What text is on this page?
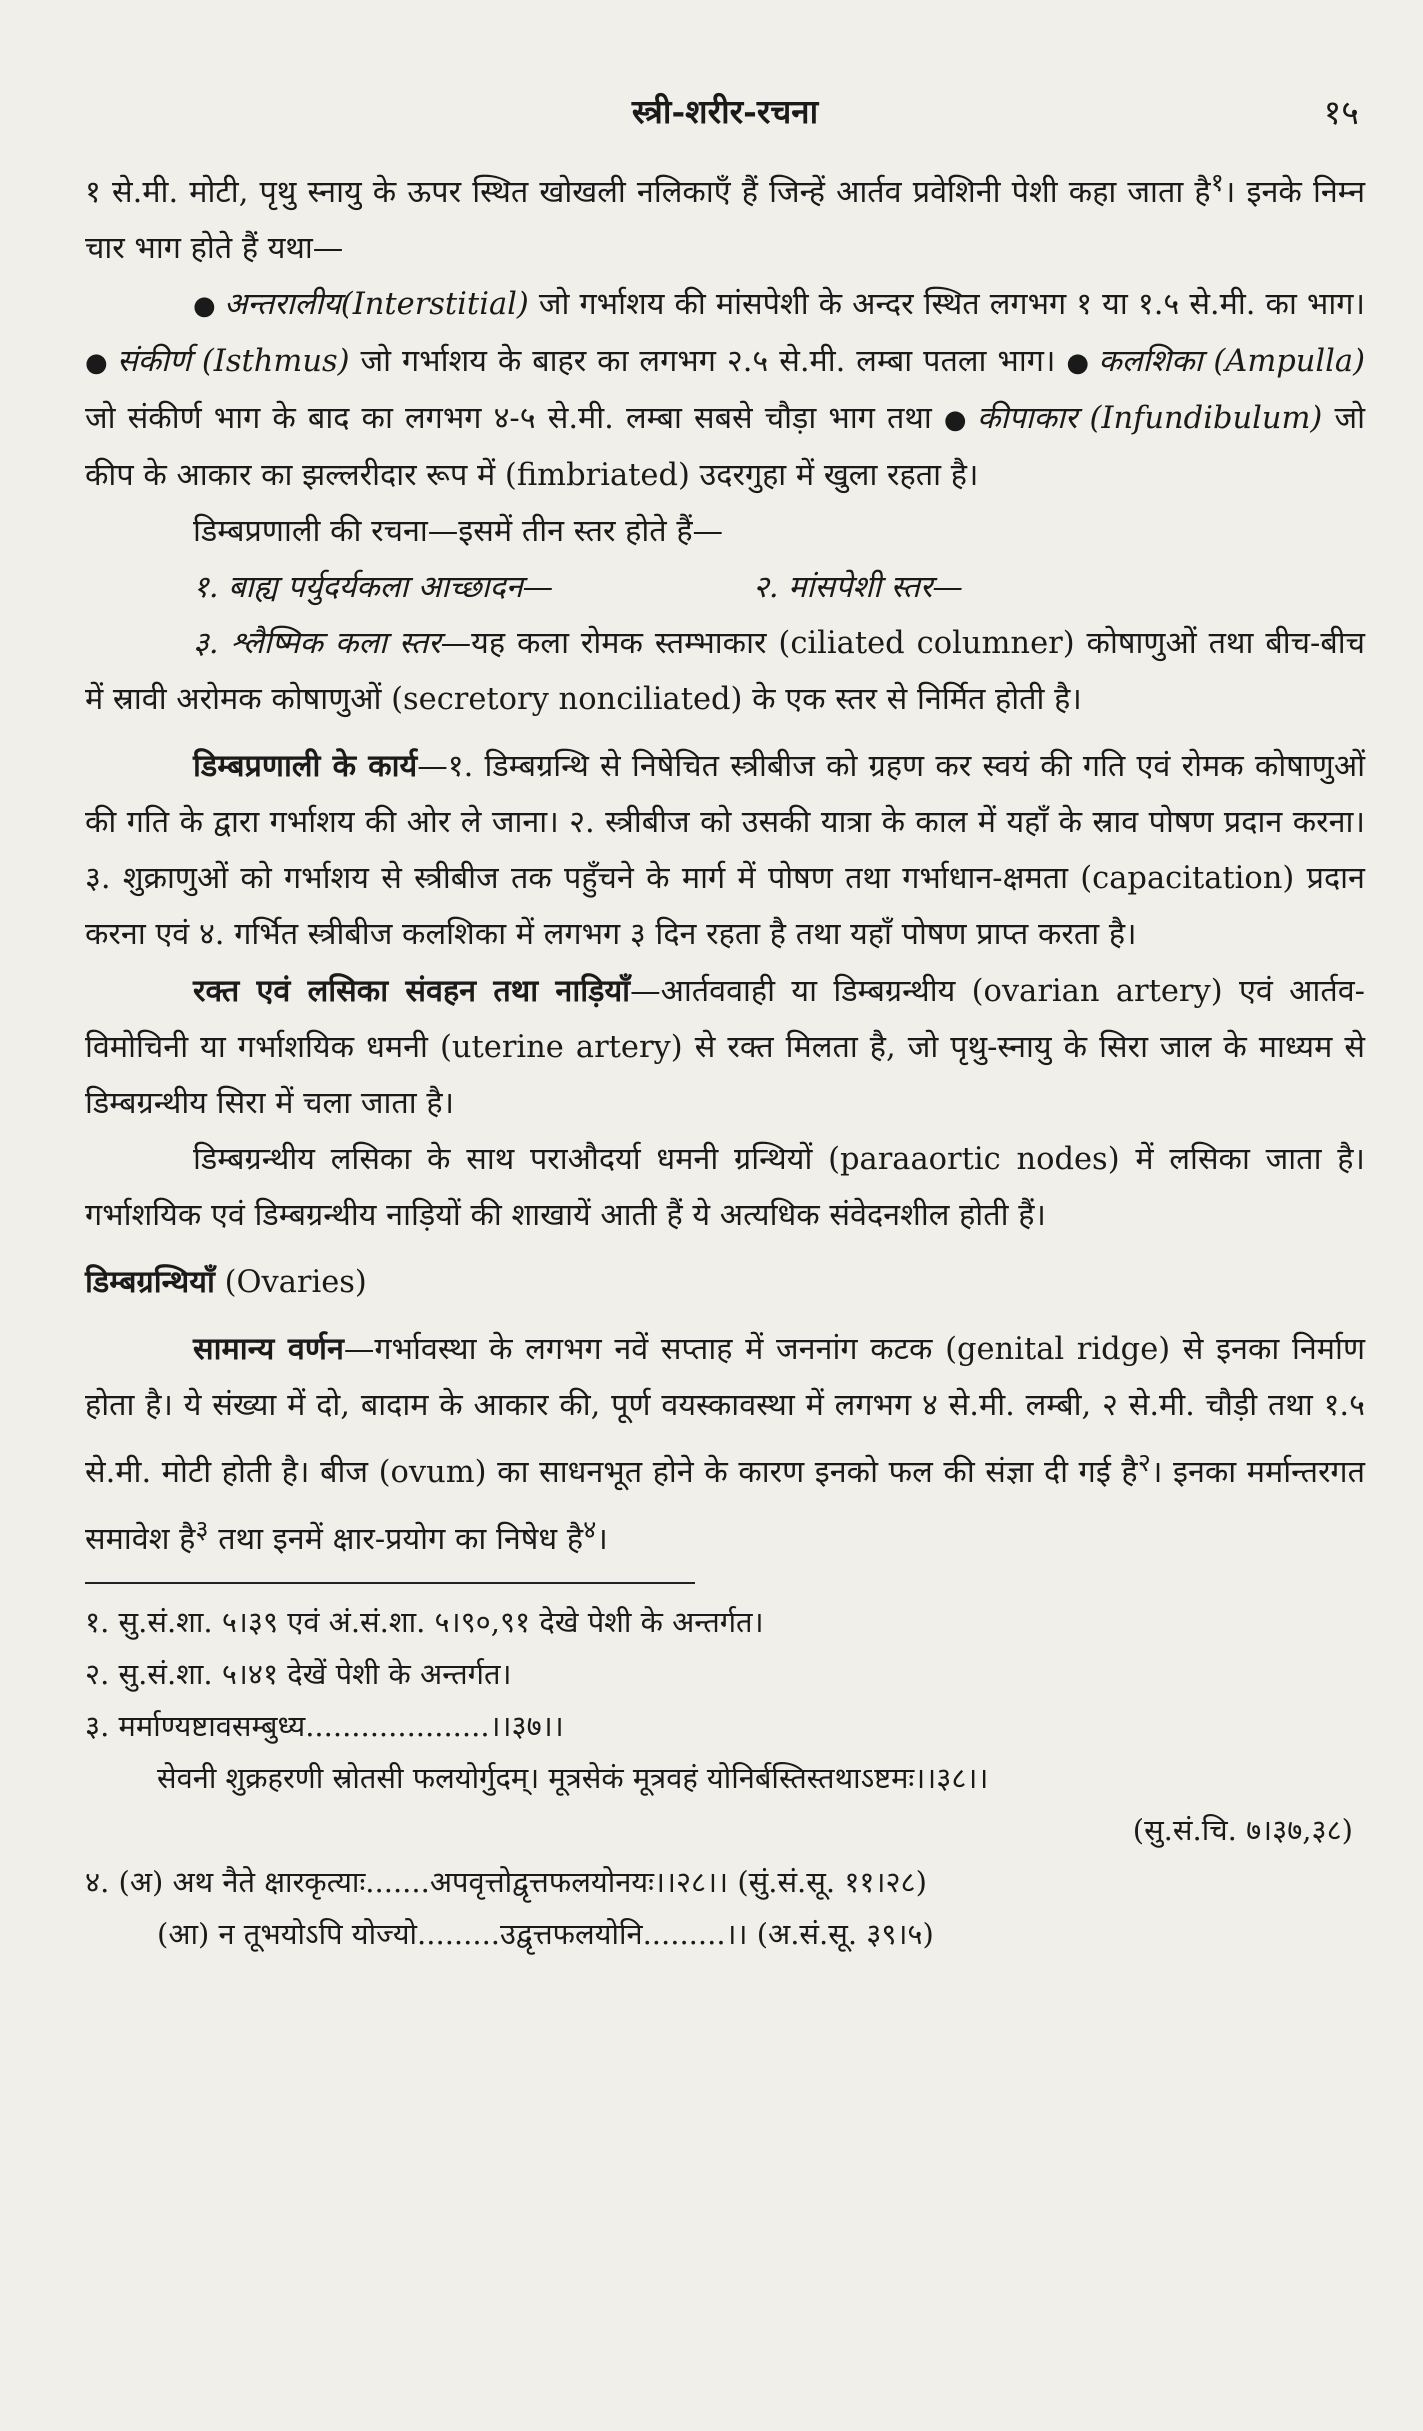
स्त्री-शरीर-रचना	१५

१ से.मी. मोटी, पृथु स्नायु के ऊपर स्थित खोखली नलिकाएँ हैं जिन्हें आर्तव प्रवेशिनी पेशी कहा जाता है$^१$। इनके निम्न चार भाग होते हैं यथा—

● अन्तरालीय(Interstitial) जो गर्भाशय की मांसपेशी के अन्दर स्थित लगभग १ या १.५ से.मी. का भाग। ● संकीर्ण (Isthmus) जो गर्भाशय के बाहर का लगभग २.५ से.मी. लम्बा पतला भाग। ● कलशिका (Ampulla) जो संकीर्ण भाग के बाद का लगभग ४-५ से.मी. लम्बा सबसे चौड़ा भाग तथा ● कीपाकार (Infundibulum) जो कीप के आकार का झल्लरीदार रूप में (fimbriated) उदरगुहा में खुला रहता है।

डिम्बप्रणाली की रचना—इसमें तीन स्तर होते हैं—

१. बाह्य पर्युदर्यकला आच्छादन—	२. मांसपेशी स्तर—

३. श्लैष्मिक कला स्तर—यह कला रोमक स्तम्भाकार (ciliated columner) कोषाणुओं तथा बीच-बीच में स्रावी अरोमक कोषाणुओं (secretory nonciliated) के एक स्तर से निर्मित होती है।

डिम्बप्रणाली के कार्य—१. डिम्बग्रन्थि से निषेचित स्त्रीबीज को ग्रहण कर स्वयं की गति एवं रोमक कोषाणुओं की गति के द्वारा गर्भाशय की ओर ले जाना। २. स्त्रीबीज को उसकी यात्रा के काल में यहाँ के स्राव पोषण प्रदान करना। ३. शुक्राणुओं को गर्भाशय से स्त्रीबीज तक पहुँचने के मार्ग में पोषण तथा गर्भाधान-क्षमता (capacitation) प्रदान करना एवं ४. गर्भित स्त्रीबीज कलशिका में लगभग ३ दिन रहता है तथा यहाँ पोषण प्राप्त करता है।

रक्त एवं लसिका संवहन तथा नाड़ियाँ—आर्तववाही या डिम्बग्रन्थीय (ovarian artery) एवं आर्तव-विमोचिनी या गर्भाशयिक धमनी (uterine artery) से रक्त मिलता है, जो पृथु-स्नायु के सिरा जाल के माध्यम से डिम्बग्रन्थीय सिरा में चला जाता है।

डिम्बग्रन्थीय लसिका के साथ पराऔदर्या धमनी ग्रन्थियों (paraaortic nodes) में लसिका जाता है। गर्भाशयिक एवं डिम्बग्रन्थीय नाड़ियों की शाखायें आती हैं ये अत्यधिक संवेदनशील होती हैं।

डिम्बग्रन्थियाँ (Ovaries)

सामान्य वर्णन—गर्भावस्था के लगभग नवें सप्ताह में जननांग कटक (genital ridge) से इनका निर्माण होता है। ये संख्या में दो, बादाम के आकार की, पूर्ण वयस्कावस्था में लगभग ४ से.मी. लम्बी, २ से.मी. चौड़ी तथा १.५ से.मी. मोटी होती है। बीज (ovum) का साधनभूत होने के कारण इनको फल की संज्ञा दी गई है$^२$। इनका मर्मान्तरगत समावेश है$^३$ तथा इनमें क्षार-प्रयोग का निषेध है$^४$।

१. सु.सं.शा. ५।३९ एवं अं.सं.शा. ५।९०,९१ देखे पेशी के अन्तर्गत।

२. सु.सं.शा. ५।४१ देखें पेशी के अन्तर्गत।

३. मर्माण्यष्टावसम्बुध्य....................।।३७।।

सेवनी शुक्रहरणी स्रोतसी फलयोर्गुदम्। मूत्रसेकं मूत्रवहं योनिर्बस्तिस्तथाऽष्टमः।।३८।।

(सु.सं.चि. ७।३७,३८)

४. (अ) अथ नैते क्षारकृत्याः.......अपवृत्तोद्वृत्तफलयोनयः।।२८।। (सुं.सं.सू. ११।२८)

(आ) न तूभयोऽपि योज्यो.........उद्वृत्तफलयोनि.........।। (अ.सं.सू. ३९।५)
